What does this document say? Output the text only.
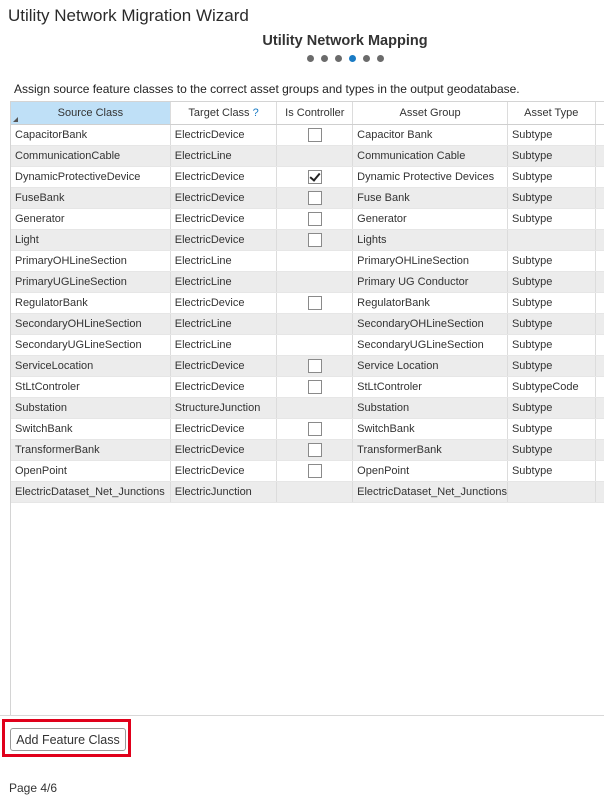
Utility Network Migration Wizard
Utility Network Mapping
Assign source feature classes to the correct asset groups and types in the output geodatabase.
Source Class	Target Class ?	Is Controller	Asset Group	Asset Type	
CapacitorBank	ElectricDevice		Capacitor Bank	Subtype	
CommunicationCable	ElectricLine		Communication Cable	Subtype	
DynamicProtectiveDevice	ElectricDevice		Dynamic Protective Devices	Subtype	
FuseBank	ElectricDevice		Fuse Bank	Subtype	
Generator	ElectricDevice		Generator	Subtype	
Light	ElectricDevice		Lights		
PrimaryOHLineSection	ElectricLine		PrimaryOHLineSection	Subtype	
PrimaryUGLineSection	ElectricLine		Primary UG Conductor	Subtype	
RegulatorBank	ElectricDevice		RegulatorBank	Subtype	
SecondaryOHLineSection	ElectricLine		SecondaryOHLineSection	Subtype	
SecondaryUGLineSection	ElectricLine		SecondaryUGLineSection	Subtype	
ServiceLocation	ElectricDevice		Service Location	Subtype	
StLtControler	ElectricDevice		StLtControler	SubtypeCode	
Substation	StructureJunction		Substation	Subtype	
SwitchBank	ElectricDevice		SwitchBank	Subtype	
TransformerBank	ElectricDevice		TransformerBank	Subtype	
OpenPoint	ElectricDevice		OpenPoint	Subtype	
ElectricDataset_Net_Junctions	ElectricJunction		ElectricDataset_Net_Junctions		
Add Feature Class
Page 4/6
